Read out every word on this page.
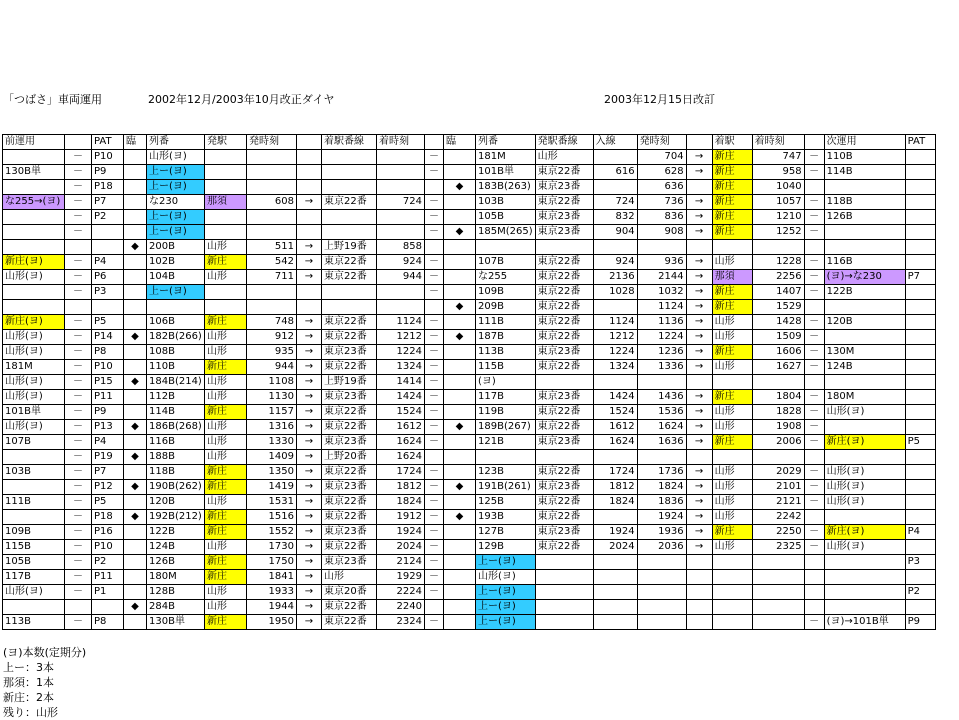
「つばさ」車両運用	2002年12月/2003年10月改正ダイヤ	2003年12月15日改訂
前運用		PAT	臨	列番	発駅	発時刻		着駅番線	着時刻		臨	列番	発駅番線	入線	発時刻		着駅	着時刻		次運用	PAT
	－	P10		山形(ヨ)						－		181M	山形		704	→	新庄	747	－	110B	
130B単	－	P9		上ー(ヨ)						－		101B単	東京22番	616	628	→	新庄	958	－	114B	
	－	P18		上ー(ヨ)							◆	183B(263)	東京23番		636		新庄	1040			
な255→(ヨ)	－	P7		な230	那須	608	→	東京22番	724	－		103B	東京22番	724	736	→	新庄	1057	－	118B	
	－	P2		上ー(ヨ)						－		105B	東京23番	832	836	→	新庄	1210	－	126B	
	－			上ー(ヨ)						－	◆	185M(265)	東京23番	904	908	→	新庄	1252	－		
			◆	200B	山形	511	→	上野19番	858												
新庄(ヨ)	－	P4		102B	新庄	542	→	東京22番	924	－		107B	東京22番	924	936	→	山形	1228	－	116B	
山形(ヨ)	－	P6		104B	山形	711	→	東京22番	944	－		な255	東京22番	2136	2144	→	那須	2256	－	(ヨ)→な230	P7
	－	P3		上ー(ヨ)						－		109B	東京22番	1028	1032	→	新庄	1407	－	122B	
											◆	209B	東京22番		1124	→	新庄	1529			
新庄(ヨ)	－	P5		106B	新庄	748	→	東京22番	1124	－		111B	東京22番	1124	1136	→	山形	1428	－	120B	
山形(ヨ)	－	P14	◆	182B(266)	山形	912	→	東京22番	1212	－	◆	187B	東京22番	1212	1224	→	山形	1509	－		
山形(ヨ)	－	P8		108B	山形	935	→	東京23番	1224	－		113B	東京23番	1224	1236	→	新庄	1606	－	130M	
181M	－	P10		110B	新庄	944	→	東京22番	1324	－		115B	東京22番	1324	1336	→	山形	1627	－	124B	
山形(ヨ)	－	P15	◆	184B(214)	山形	1108	→	上野19番	1414	－		(ヨ)									
山形(ヨ)	－	P11		112B	山形	1130	→	東京23番	1424	－		117B	東京23番	1424	1436	→	新庄	1804	－	180M	
101B単	－	P9		114B	新庄	1157	→	東京22番	1524	－		119B	東京22番	1524	1536	→	山形	1828	－	山形(ヨ)	
山形(ヨ)	－	P13	◆	186B(268)	山形	1316	→	東京22番	1612	－	◆	189B(267)	東京22番	1612	1624	→	山形	1908	－		
107B	－	P4		116B	山形	1330	→	東京23番	1624	－		121B	東京23番	1624	1636	→	新庄	2006	－	新庄(ヨ)	P5
	－	P19	◆	188B	山形	1409	→	上野20番	1624												
103B	－	P7		118B	新庄	1350	→	東京22番	1724	－		123B	東京22番	1724	1736	→	山形	2029	－	山形(ヨ)	
	－	P12	◆	190B(262)	新庄	1419	→	東京23番	1812	－	◆	191B(261)	東京23番	1812	1824	→	山形	2101	－	山形(ヨ)	
111B	－	P5		120B	山形	1531	→	東京22番	1824	－		125B	東京22番	1824	1836	→	山形	2121	－	山形(ヨ)	
	－	P18	◆	192B(212)	新庄	1516	→	東京22番	1912	－	◆	193B	東京22番		1924	→	山形	2242			
109B	－	P16		122B	新庄	1552	→	東京23番	1924	－		127B	東京23番	1924	1936	→	新庄	2250	－	新庄(ヨ)	P4
115B	－	P10		124B	山形	1730	→	東京22番	2024	－		129B	東京22番	2024	2036	→	山形	2325	－	山形(ヨ)	
105B	－	P2		126B	新庄	1750	→	東京23番	2124	－		上ー(ヨ)									P3
117B	－	P11		180M	新庄	1841	→	山形	1929	－		山形(ヨ)									
山形(ヨ)	－	P1		128B	山形	1933	→	東京20番	2224	－		上ー(ヨ)									P2
			◆	284B	山形	1944	→	東京22番	2240			上ー(ヨ)									
113B	－	P8		130B単	新庄	1950	→	東京22番	2324	－		上ー(ヨ)							－	(ヨ)→101B単	P9
(ヨ)本数(定期分)
上ー：3本
那須：1本
新庄：2本
残り：山形
